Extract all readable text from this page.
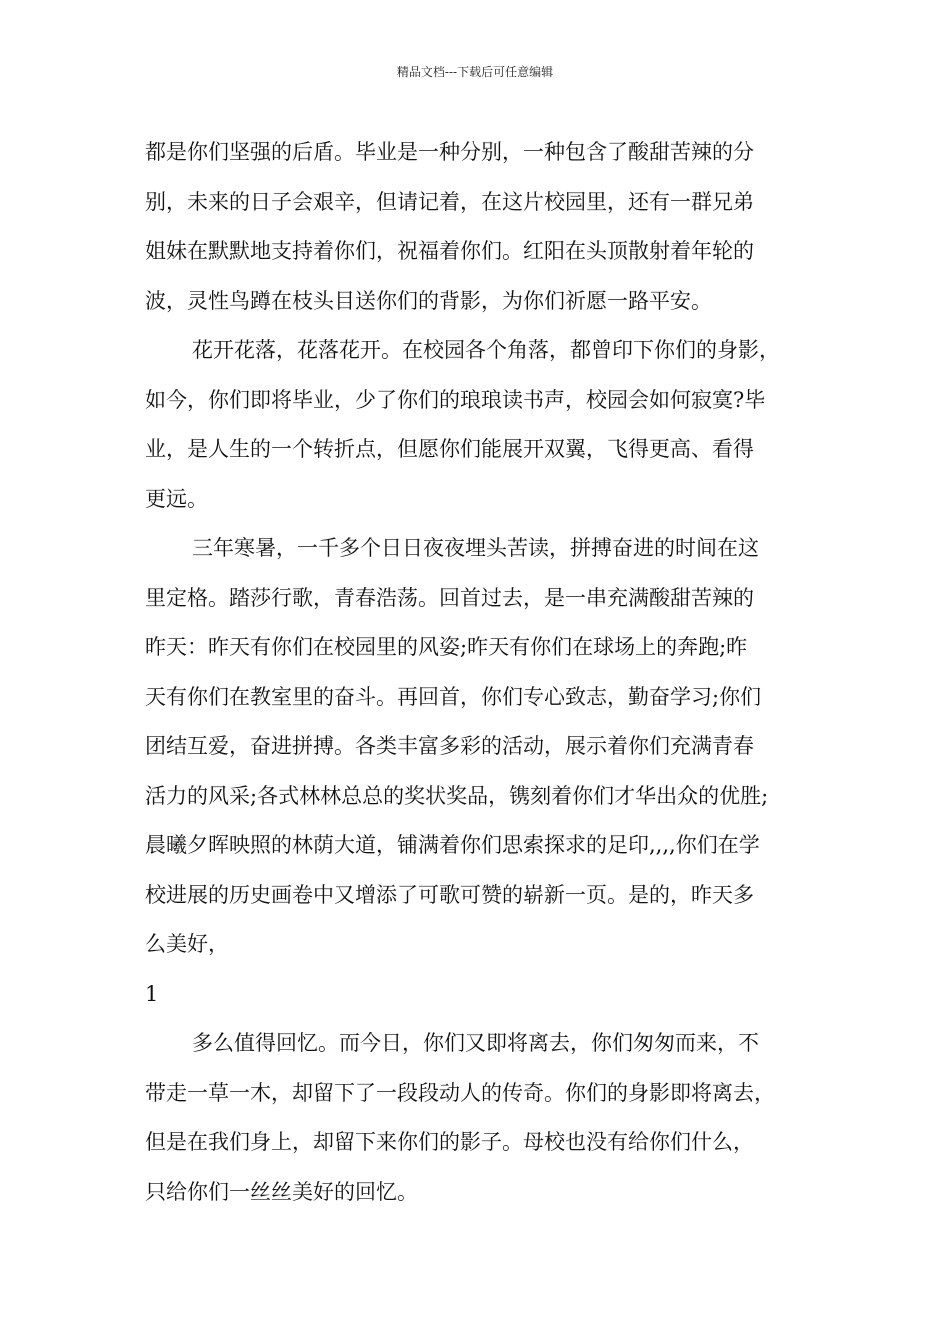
精品文档---下载后可任意编辑
都是你们坚强的后盾。毕业是一种分别，一种包含了酸甜苦辣的分
别，未来的日子会艰辛，但请记着，在这片校园里，还有一群兄弟
姐妹在默默地支持着你们，祝福着你们。红阳在头顶散射着年轮的
波，灵性鸟蹲在枝头目送你们的背影，为你们祈愿一路平安。
花开花落，花落花开。在校园各个角落，都曾印下你们的身影，
如今，你们即将毕业，少了你们的琅琅读书声，校园会如何寂寞?毕
业，是人生的一个转折点，但愿你们能展开双翼，飞得更高、看得
更远。
三年寒暑，一千多个日日夜夜埋头苦读，拼搏奋进的时间在这
里定格。踏莎行歌，青春浩荡。回首过去，是一串充满酸甜苦辣的
昨天：昨天有你们在校园里的风姿;昨天有你们在球场上的奔跑;昨
天有你们在教室里的奋斗。再回首，你们专心致志，勤奋学习;你们
团结互爱，奋进拼搏。各类丰富多彩的活动，展示着你们充满青春
活力的风采;各式林林总总的奖状奖品，镌刻着你们才华出众的优胜;
晨曦夕晖映照的林荫大道，铺满着你们思索探求的足印,,,,你们在学
校进展的历史画卷中又增添了可歌可赞的崭新一页。是的，昨天多
么美好，
1
多么值得回忆。而今日，你们又即将离去，你们匆匆而来，不
带走一草一木，却留下了一段段动人的传奇。你们的身影即将离去，
但是在我们身上，却留下来你们的影子。母校也没有给你们什么，
只给你们一丝丝美好的回忆。
